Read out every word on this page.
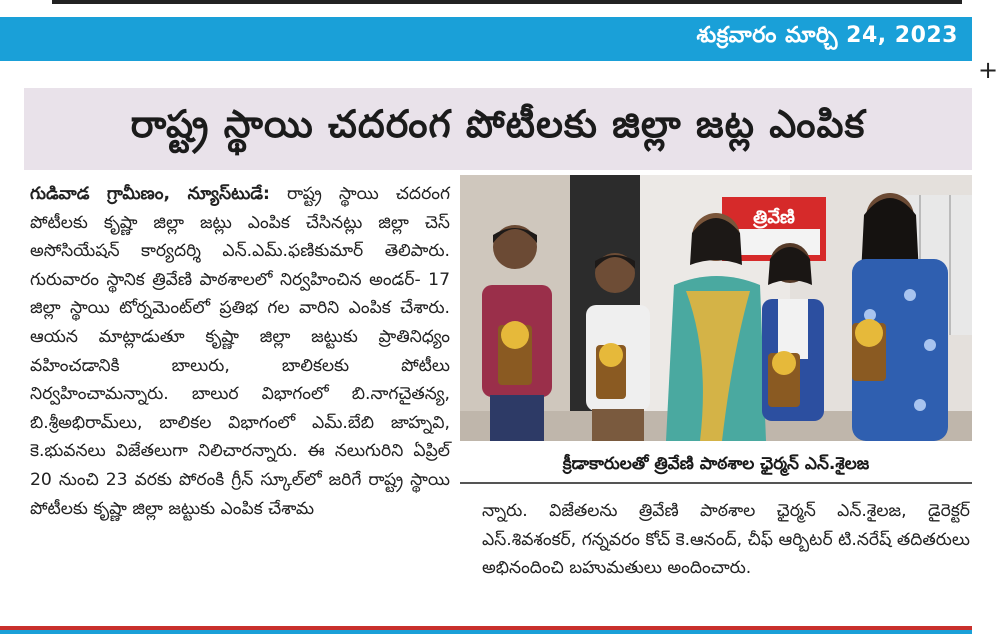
శుక్రవారం మార్చి 24, 2023
+
రాష్ట్ర స్థాయి చదరంగ పోటీలకు జిల్లా జట్ల ఎంపిక
గుడివాడ గ్రామీణం, న్యూస్‌టుడే: రాష్ట్ర స్థాయి చదరంగ పోటీలకు కృష్ణా జిల్లా జట్లు ఎంపిక చేసినట్లు జిల్లా చెస్ అసోసియేషన్ కార్యదర్శి ఎన్.ఎమ్.ఫణికుమార్ తెలిపారు. గురువారం స్థానిక త్రివేణి పాఠశాలలో నిర్వహించిన అండర్- 17 జిల్లా స్థాయి టోర్నమెంట్‌లో ప్రతిభ గల వారిని ఎంపిక చేశారు. ఆయన మాట్లాడుతూ కృష్ణా జిల్లా జట్టుకు ప్రాతినిధ్యం వహించడానికి బాలురు, బాలికలకు పోటీలు నిర్వహించామన్నారు. బాలుర విభాగంలో బి.నాగచైతన్య, బి.శ్రీఅభిరామ్‌లు, బాలికల విభాగంలో ఎమ్.బేబి జాహ్నవి, కె.భువనలు విజేతలుగా నిలిచారన్నారు. ఈ నలుగురిని ఏప్రిల్ 20 నుంచి 23 వరకు పోరంకి గ్రీన్ స్కూల్‌లో జరిగే రాష్ట్ర స్థాయి పోటీలకు కృష్ణా జిల్లా జట్టుకు ఎంపిక చేశామ
త్రివేణి
క్రీడాకారులతో త్రివేణి పాఠశాల ఛైర్మన్ ఎన్.శైలజ
న్నారు. విజేతలను త్రివేణి పాఠశాల ఛైర్మన్ ఎన్.శైలజ, డైరెక్టర్ ఎస్.శివశంకర్, గన్నవరం కోచ్ కె.ఆనంద్, చీఫ్ ఆర్బిటర్ టి.నరేష్ తదితరులు అభినందించి బహుమతులు అందించారు.
